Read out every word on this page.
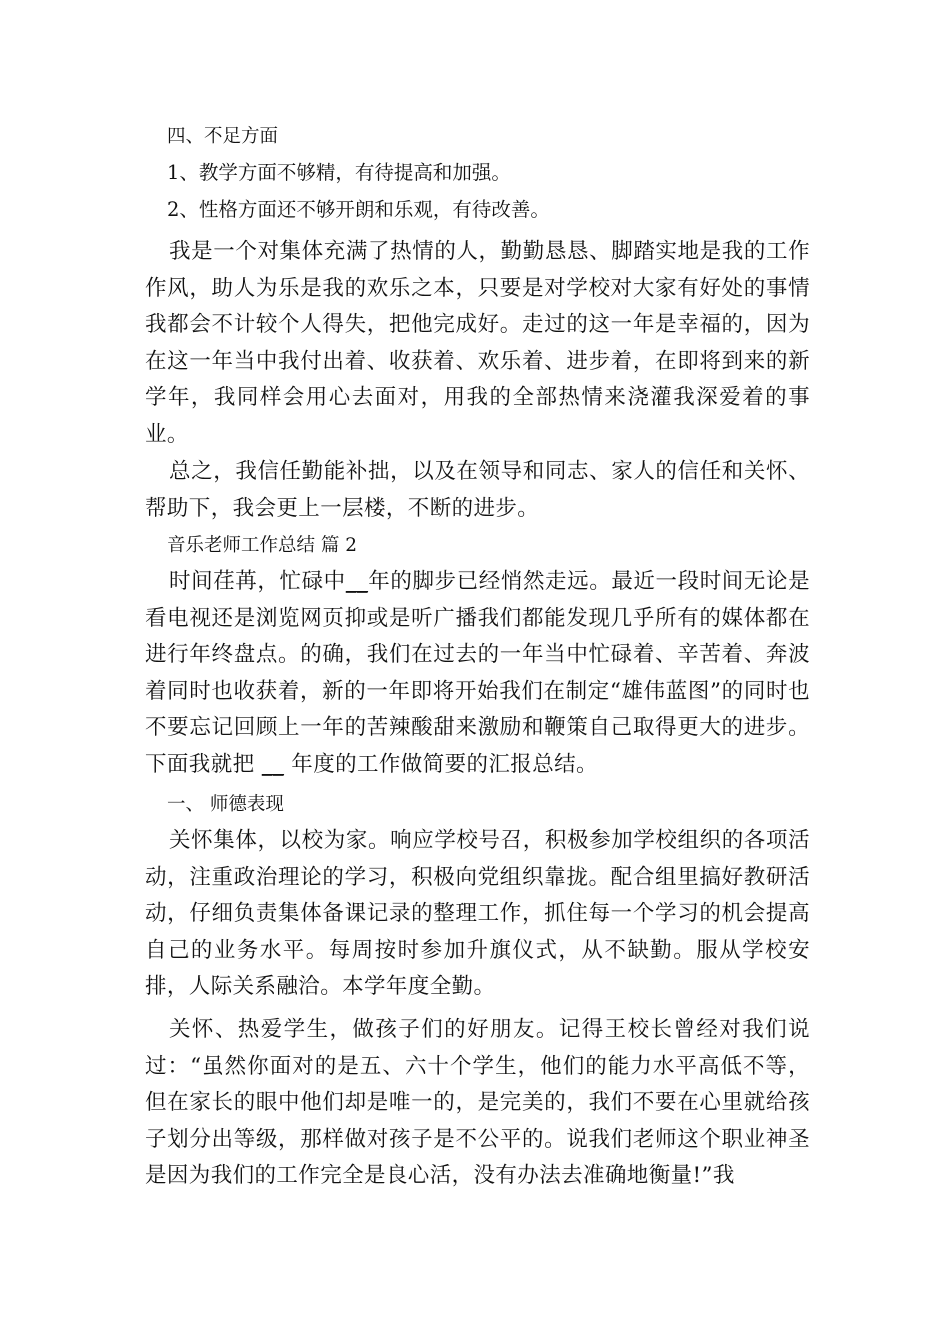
四、不足方面

1、教学方面不够精，有待提高和加强。

2、性格方面还不够开朗和乐观，有待改善。

我是一个对集体充满了热情的人，勤勤恳恳、脚踏实地是我的工作作风，助人为乐是我的欢乐之本，只要是对学校对大家有好处的事情我都会不计较个人得失，把他完成好。走过的这一年是幸福的，因为在这一年当中我付出着、收获着、欢乐着、进步着，在即将到来的新学年，我同样会用心去面对，用我的全部热情来浇灌我深爱着的事业。

总之，我信任勤能补拙，以及在领导和同志、家人的信任和关怀、帮助下，我会更上一层楼，不断的进步。

音乐老师工作总结 篇 2

时间荏苒，忙碌中__年的脚步已经悄然走远。最近一段时间无论是看电视还是浏览网页抑或是听广播我们都能发现几乎所有的媒体都在进行年终盘点。的确，我们在过去的一年当中忙碌着、辛苦着、奔波着同时也收获着，新的一年即将开始我们在制定“雄伟蓝图”的同时也不要忘记回顾上一年的苦辣酸甜来激励和鞭策自己取得更大的进步。下面我就把 __ 年度的工作做简要的汇报总结。

一、 师德表现

关怀集体，以校为家。响应学校号召，积极参加学校组织的各项活动，注重政治理论的学习，积极向党组织靠拢。配合组里搞好教研活动，仔细负责集体备课记录的整理工作，抓住每一个学习的机会提高自己的业务水平。每周按时参加升旗仪式，从不缺勤。服从学校安排，人际关系融洽。本学年度全勤。

关怀、热爱学生，做孩子们的好朋友。记得王校长曾经对我们说过：“虽然你面对的是五、六十个学生，他们的能力水平高低不等，但在家长的眼中他们却是唯一的，是完美的，我们不要在心里就给孩子划分出等级，那样做对孩子是不公平的。说我们老师这个职业神圣是因为我们的工作完全是良心活，没有办法去准确地衡量!”我
